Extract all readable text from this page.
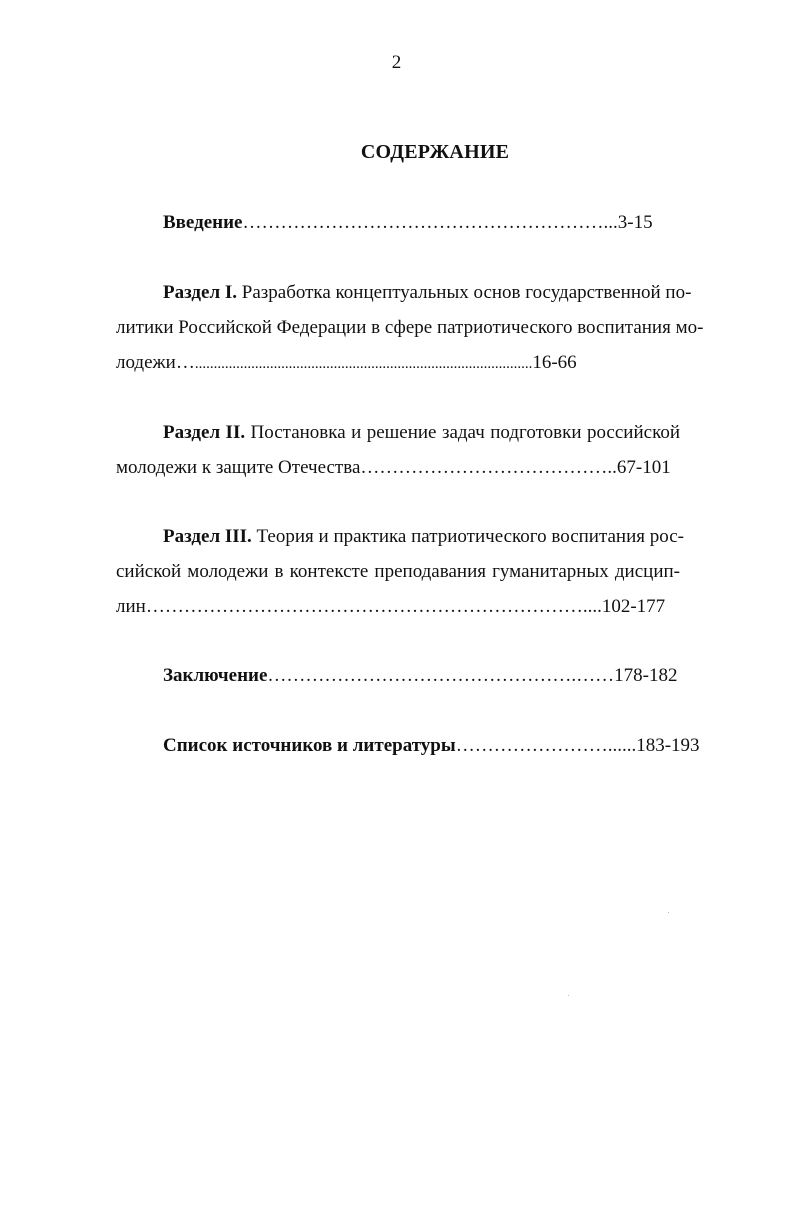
2
СОДЕРЖАНИЕ
Введение…………………………………………………...3-15
Раздел I. Разработка концептуальных основ государственной по-
литики Российской Федерации в сфере патриотического воспитания мо-
лодежи…..........................................................................................16-66
Раздел II. Постановка и решение задач подготовки российской
молодежи к защите Отечества…………………………………..67-101
Раздел III. Теория и практика патриотического воспитания рос-
сийской молодежи в контексте преподавания гуманитарных дисцип-
лин……………………………………………………………....102-177
Заключение………………………………………….……178-182
Список источников и литературы……………………......183-193
